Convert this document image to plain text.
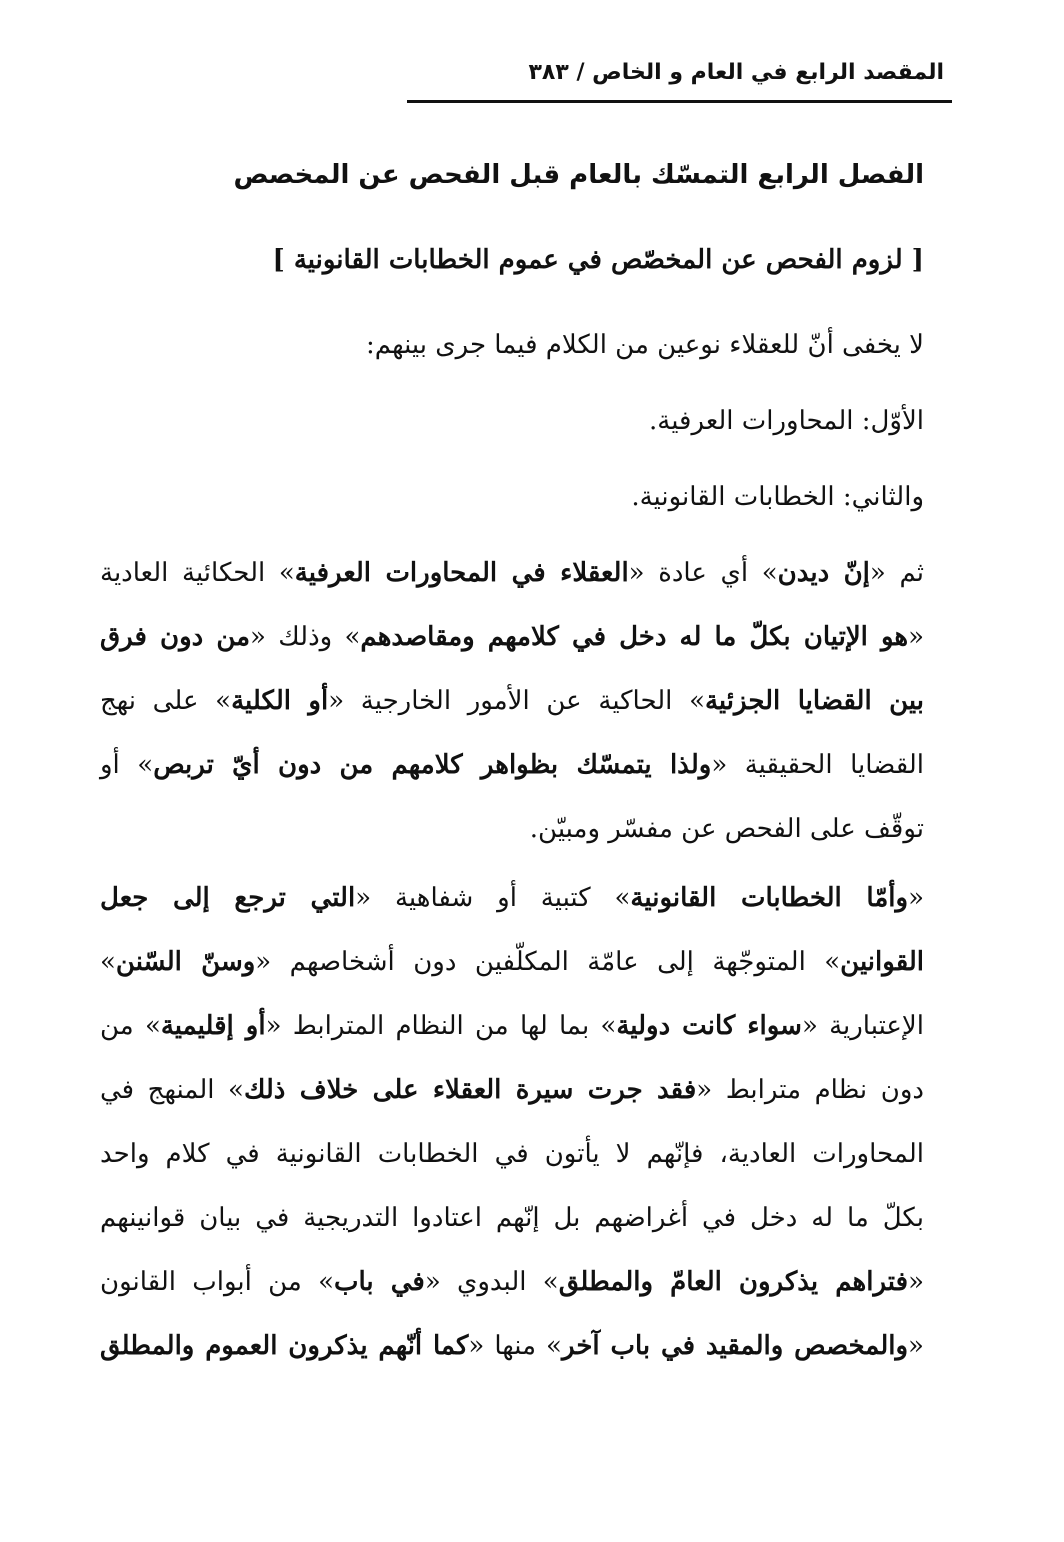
المقصد الرابع في العام و الخاص / ٣٨٣
الفصل الرابع التمسّك بالعام قبل الفحص عن المخصص
[ لزوم الفحص عن المخصّص في عموم الخطابات القانونية ]
لا يخفى أنّ للعقلاء نوعين من الكلام فيما جرى بينهم:
الأوّل: المحاورات العرفية.
والثاني: الخطابات القانونية.
ثم «إنّ ديدن» أي عادة «العقلاء في المحاورات العرفية» الحكائية العادية
«هو الإتيان بكلّ ما له دخل في كلامهم ومقاصدهم» وذلك «من دون فرق
بين القضايا الجزئية» الحاكية عن الأمور الخارجية «أو الكلية» على نهج
القضايا الحقيقية «ولذا يتمسّك بظواهر كلامهم من دون أيّ تربص» أو
توقّف على الفحص عن مفسّر ومبيّن.
«وأمّا الخطابات القانونية» كتبية أو شفاهية «التي ترجع إلى جعل
القوانين» المتوجّهة إلى عامّة المكلّفين دون أشخاصهم «وسنّ السّنن»
الإعتبارية «سواء كانت دولية» بما لها من النظام المترابط «أو إقليمية» من
دون نظام مترابط «فقد جرت سيرة العقلاء على خلاف ذلك» المنهج في
المحاورات العادية، فإنّهم لا يأتون في الخطابات القانونية في كلام واحد
بكلّ ما له دخل في أغراضهم بل إنّهم اعتادوا التدريجية في بيان قوانينهم
«فتراهم يذكرون العامّ والمطلق» البدوي «في باب» من أبواب القانون
«والمخصص والمقيد في باب آخر» منها «كما أنّهم يذكرون العموم والمطلق
